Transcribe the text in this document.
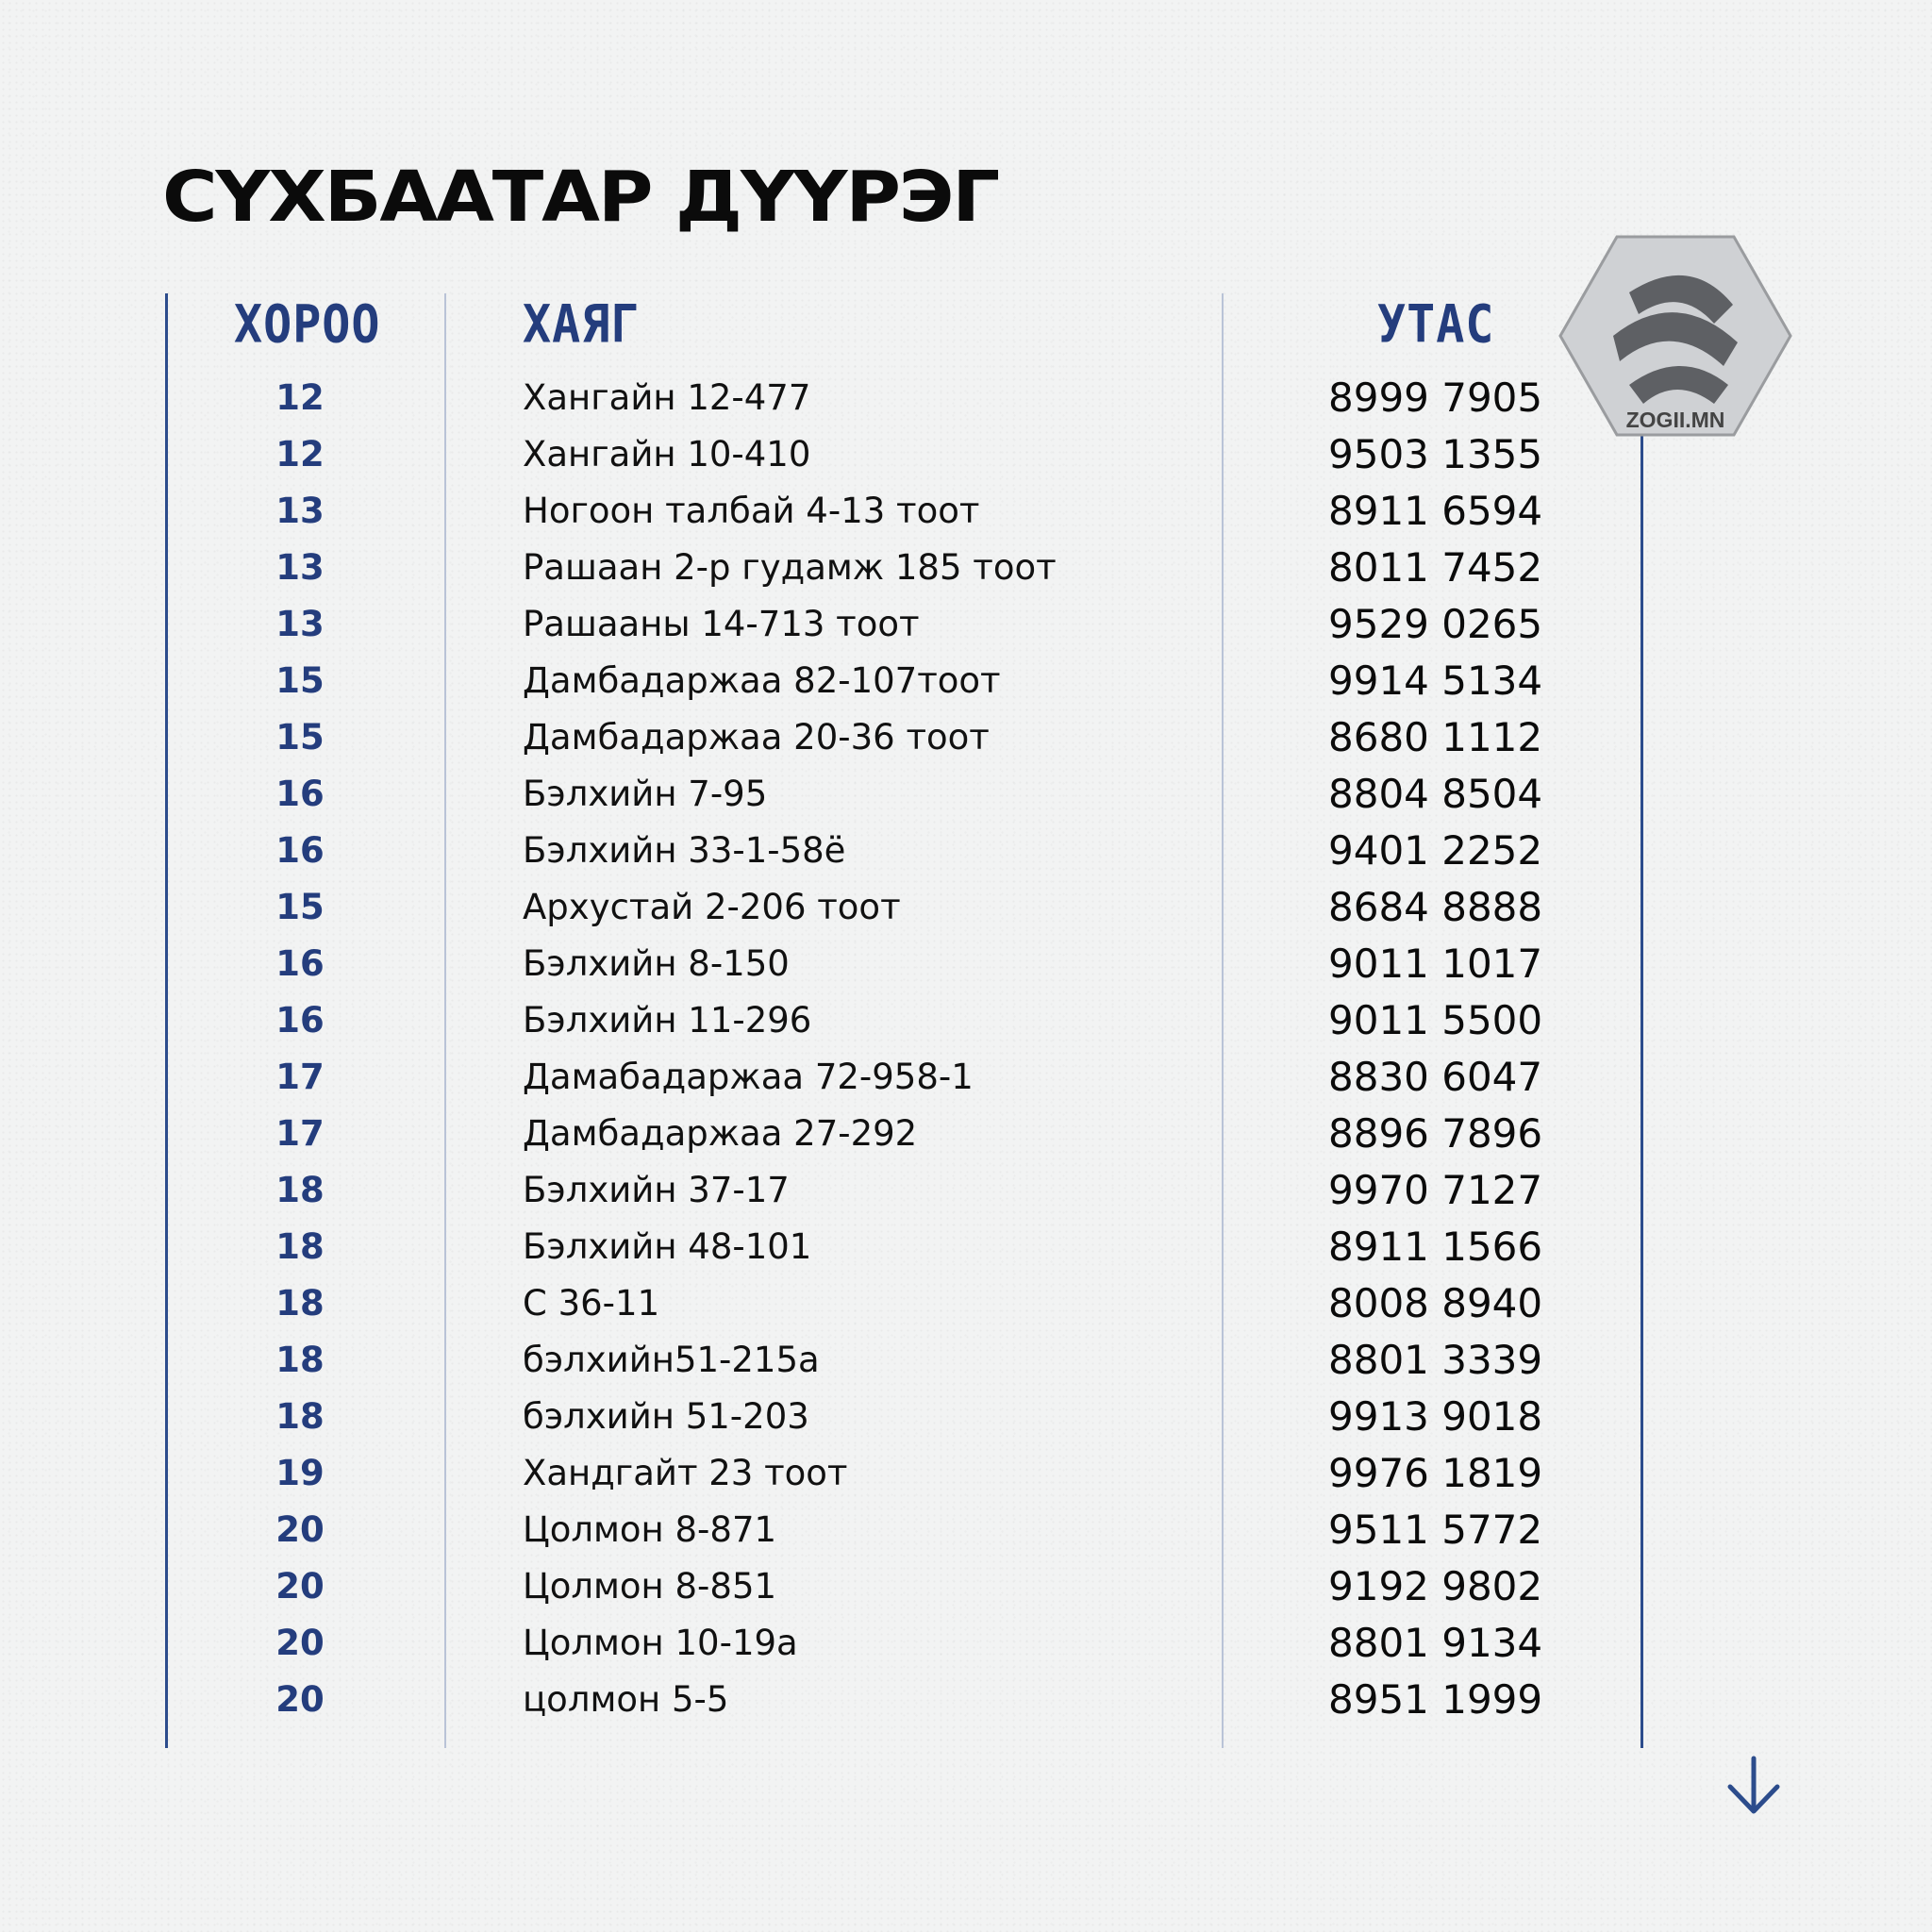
СҮХБААТАР ДҮҮРЭГ
ХОРОО	ХАЯГ	УТАС
ZOGII.MN
12	Хангайн 12-477	8999 7905
12	Хангайн 10-410	9503 1355
13	Ногоон талбай 4-13 тоот	8911 6594
13	Рашаан 2-р гудамж 185 тоот	8011 7452
13	Рашааны 14-713 тоот	9529 0265
15	Дамбадаржаа 82-107тоот	9914 5134
15	Дамбадаржаа 20-36 тоот	8680 1112
16	Бэлхийн 7-95	8804 8504
16	Бэлхийн 33-1-58ё	9401 2252
15	Архустай 2-206 тоот	8684 8888
16	Бэлхийн 8-150	9011 1017
16	Бэлхийн 11-296	9011 5500
17	Дамабадаржаа 72-958-1	8830 6047
17	Дамбадаржаа 27-292	8896 7896
18	Бэлхийн 37-17	9970 7127
18	Бэлхийн 48-101	8911 1566
18	С 36-11	8008 8940
18	бэлхийн51-215а	8801 3339
18	бэлхийн 51-203	9913 9018
19	Хандгайт 23 тоот	9976 1819
20	Цолмон 8-871	9511 5772
20	Цолмон 8-851	9192 9802
20	Цолмон 10-19а	8801 9134
20	цолмон 5-5	8951 1999
